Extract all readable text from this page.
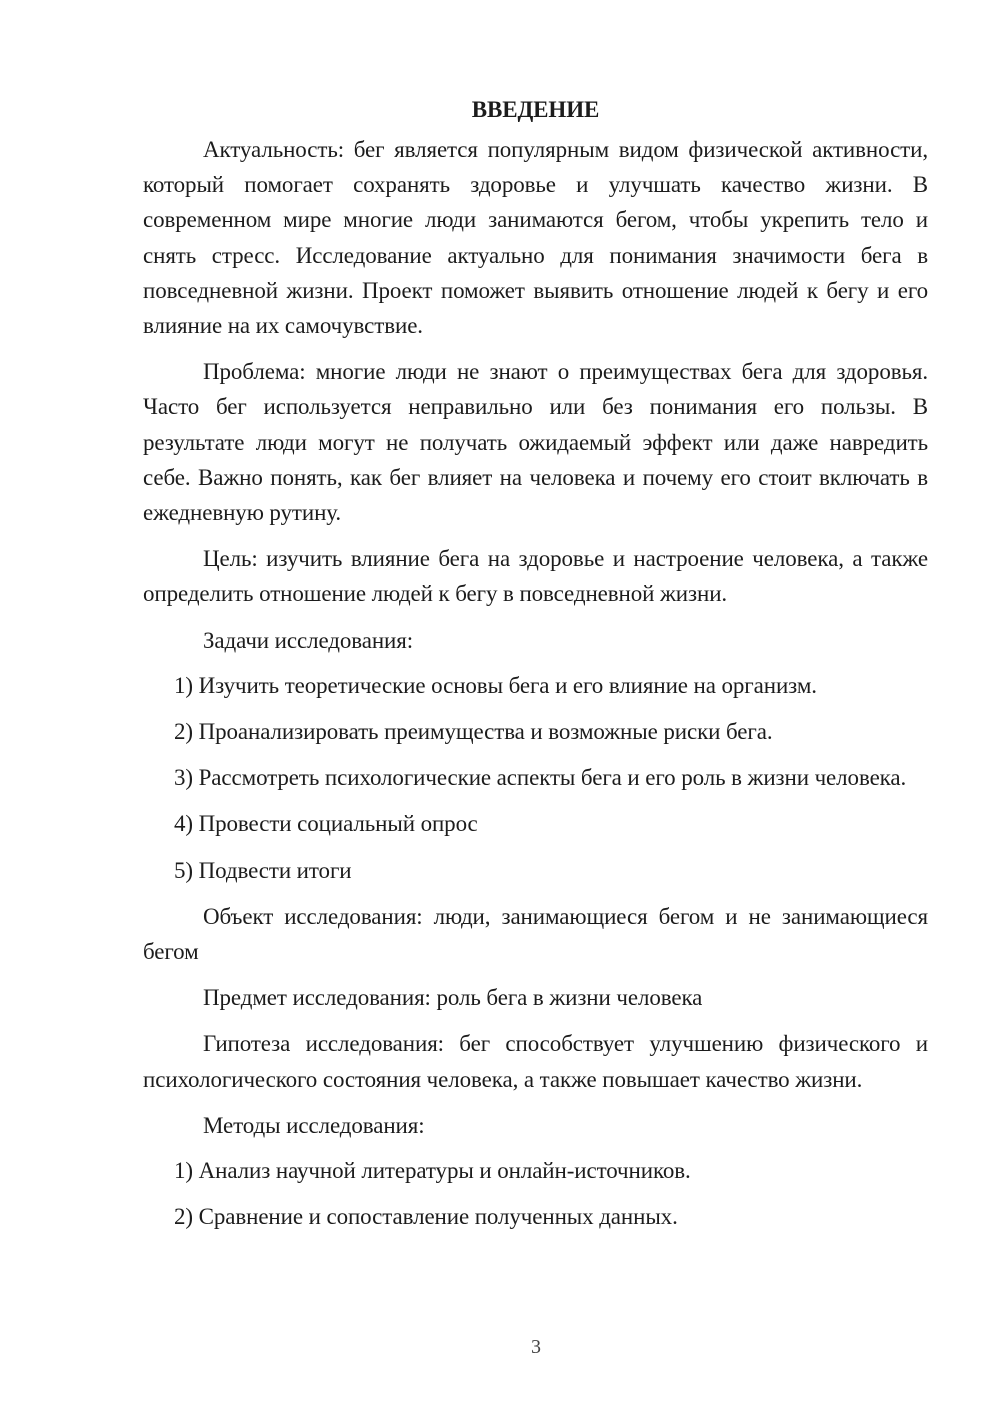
ВВЕДЕНИЕ

Актуальность: бег является популярным видом физической активности, который помогает сохранять здоровье и улучшать качество жизни. В современном мире многие люди занимаются бегом, чтобы укрепить тело и снять стресс. Исследование актуально для понимания значимости бега в повседневной жизни. Проект поможет выявить отношение людей к бегу и его влияние на их самочувствие.

Проблема: многие люди не знают о преимуществах бега для здоровья. Часто бег используется неправильно или без понимания его пользы. В результате люди могут не получать ожидаемый эффект или даже навредить себе. Важно понять, как бег влияет на человека и почему его стоит включать в ежедневную рутину.

Цель: изучить влияние бега на здоровье и настроение человека, а также определить отношение людей к бегу в повседневной жизни.

Задачи исследования:

1) Изучить теоретические основы бега и его влияние на организм.

2) Проанализировать преимущества и возможные риски бега.

3) Рассмотреть психологические аспекты бега и его роль в жизни человека.

4) Провести социальный опрос

5) Подвести итоги

Объект исследования: люди, занимающиеся бегом и не занимающиеся бегом

Предмет исследования: роль бега в жизни человека

Гипотеза исследования: бег способствует улучшению физического и психологического состояния человека, а также повышает качество жизни.

Методы исследования:

1) Анализ научной литературы и онлайн-источников.

2) Сравнение и сопоставление полученных данных.

3
